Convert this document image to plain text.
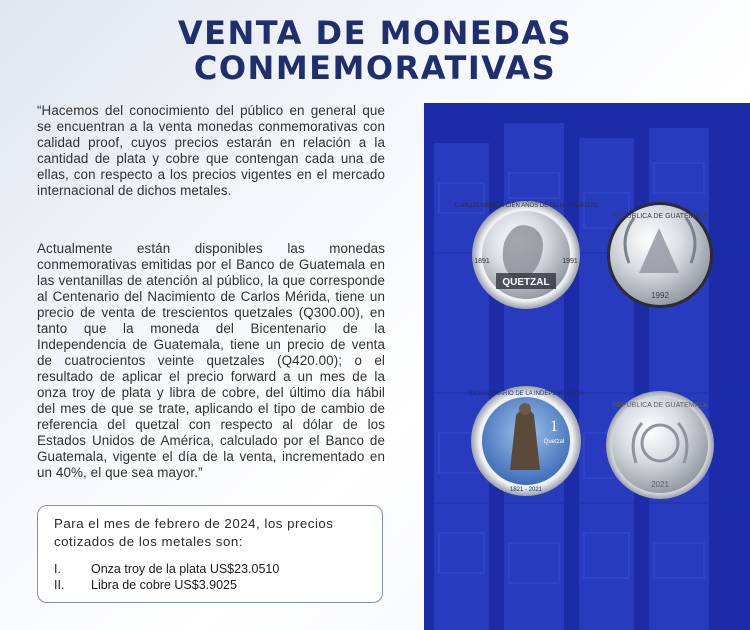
VENTA DE MONEDAS
CONMEMORATIVAS

“Hacemos del conocimiento del público en general que se encuentran a la venta monedas conmemorativas con calidad proof, cuyos precios estarán en relación a la cantidad de plata y cobre que contengan cada una de ellas, con respecto a los precios vigentes en el mercado internacional de dichos metales.

Actualmente están disponibles las monedas conmemorativas emitidas por el Banco de Guatemala en las ventanillas de atención al público, la que corresponde al Centenario del Nacimiento de Carlos Mérida, tiene un precio de venta de trescientos quetzales (Q300.00), en tanto que la moneda del Bicentenario de la Independencia de Guatemala, tiene un precio de venta de cuatrocientos veinte quetzales (Q420.00); o el resultado de aplicar el precio forward a un mes de la onza troy de plata y libra de cobre, del último día hábil del mes de que se trate, aplicando el tipo de cambio de referencia del quetzal con respecto al dólar de los Estados Unidos de América, calculado por el Banco de Guatemala, vigente el día de la venta, incrementado en un 40%, el que sea mayor.”

Para el mes de febrero de 2024, los precios cotizados de los metales son:
I. Onza troy de la plata US$23.0510
II. Libra de cobre US$3.9025
QUETZAL
CARLOS MERIDA CIEN AÑOS DE SU NACIMIENTO
1891	1991
REPUBLICA DE GUATEMALA
1992
1
Quetzal
BICENTENARIO DE LA INDEPENDENCIA
1821 - 2021
REPUBLICA DE GUATEMALA
2021
